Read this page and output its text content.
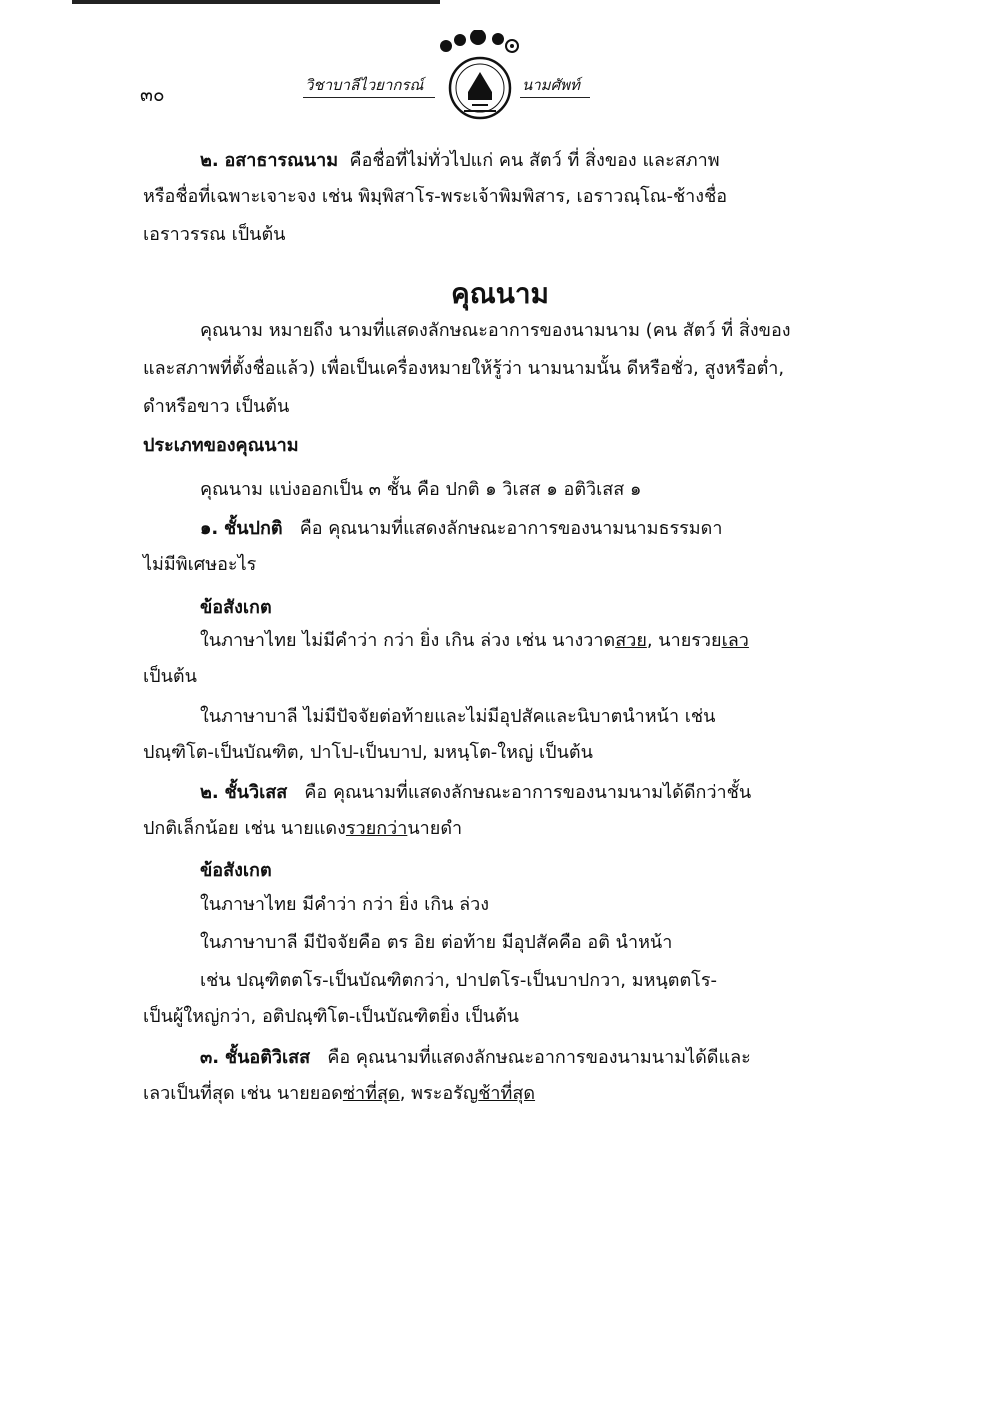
๓๐	วิชาบาลีไวยากรณ์	นามศัพท์
๒. อสาธารณนาม คือชื่อที่ไม่ทั่วไปแก่ คน สัตว์ ที่ สิ่งของ และสภาพ
หรือชื่อที่เฉพาะเจาะจง เช่น พิมฺพิสาโร-พระเจ้าพิมพิสาร, เอราวณฺโณ-ช้างชื่อ
เอราวรรณ เป็นต้น
คุณนาม
คุณนาม หมายถึง นามที่แสดงลักษณะอาการของนามนาม (คน สัตว์ ที่ สิ่งของ
และสภาพที่ตั้งชื่อแล้ว) เพื่อเป็นเครื่องหมายให้รู้ว่า นามนามนั้น ดีหรือชั่ว, สูงหรือต่ำ,
ดำหรือขาว เป็นต้น
ประเภทของคุณนาม
คุณนาม แบ่งออกเป็น ๓ ชั้น คือ ปกติ ๑ วิเสส ๑ อติวิเสส ๑
๑. ชั้นปกติ คือ คุณนามที่แสดงลักษณะอาการของนามนามธรรมดา
ไม่มีพิเศษอะไร
ข้อสังเกต
ในภาษาไทย ไม่มีคำว่า กว่า ยิ่ง เกิน ล่วง เช่น นางวาดสวย, นายรวยเลว
เป็นต้น
ในภาษาบาลี ไม่มีปัจจัยต่อท้ายและไม่มีอุปสัคและนิบาตนำหน้า เช่น
ปณฺฑิโต-เป็นบัณฑิต, ปาโป-เป็นบาป, มหนฺโต-ใหญ่ เป็นต้น
๒. ชั้นวิเสส คือ คุณนามที่แสดงลักษณะอาการของนามนามได้ดีกว่าชั้น
ปกติเล็กน้อย เช่น นายแดงรวยกว่านายดำ
ข้อสังเกต
ในภาษาไทย มีคำว่า กว่า ยิ่ง เกิน ล่วง
ในภาษาบาลี มีปัจจัยคือ ตร อิย ต่อท้าย มีอุปสัคคือ อติ นำหน้า
เช่น ปณฺฑิตตโร-เป็นบัณฑิตกว่า, ปาปตโร-เป็นบาปกวา, มหนฺตตโร-
เป็นผู้ใหญ่กว่า, อติปณฺฑิโต-เป็นบัณฑิตยิ่ง เป็นต้น
๓. ชั้นอติวิเสส คือ คุณนามที่แสดงลักษณะอาการของนามนามได้ดีและ
เลวเป็นที่สุด เช่น นายยอดซ่าที่สุด, พระอรัญช้าที่สุด
